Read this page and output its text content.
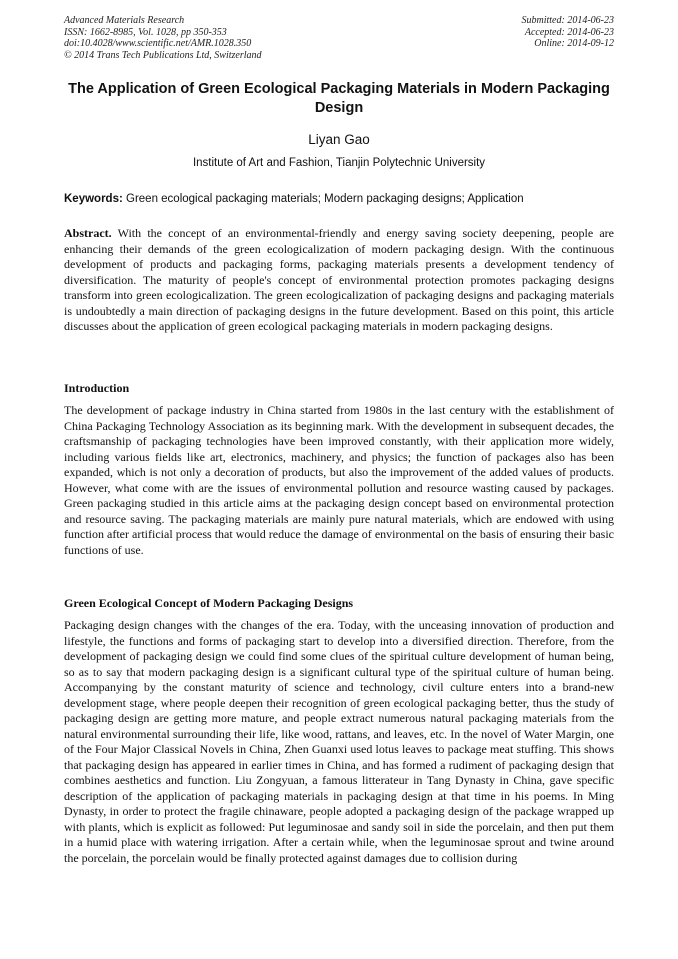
Advanced Materials Research
ISSN: 1662-8985, Vol. 1028, pp 350-353
doi:10.4028/www.scientific.net/AMR.1028.350
© 2014 Trans Tech Publications Ltd, Switzerland
Submitted: 2014-06-23
Accepted: 2014-06-23
Online: 2014-09-12
The Application of Green Ecological Packaging Materials in Modern Packaging Design
Liyan Gao
Institute of Art and Fashion, Tianjin Polytechnic University
Keywords: Green ecological packaging materials; Modern packaging designs; Application
Abstract. With the concept of an environmental-friendly and energy saving society deepening, people are enhancing their demands of the green ecologicalization of modern packaging design. With the continuous development of products and packaging forms, packaging materials presents a development tendency of diversification. The maturity of people's concept of environmental protection promotes packaging designs transform into green ecologicalization. The green ecologicalization of packaging designs and packaging materials is undoubtedly a main direction of packaging designs in the future development. Based on this point, this article discusses about the application of green ecological packaging materials in modern packaging designs.
Introduction
The development of package industry in China started from 1980s in the last century with the establishment of China Packaging Technology Association as its beginning mark. With the development in subsequent decades, the craftsmanship of packaging technologies have been improved constantly, with their application more widely, including various fields like art, electronics, machinery, and physics; the function of packages also has been expanded, which is not only a decoration of products, but also the improvement of the added values of products. However, what come with are the issues of environmental pollution and resource wasting caused by packages. Green packaging studied in this article aims at the packaging design concept based on environmental protection and resource saving. The packaging materials are mainly pure natural materials, which are endowed with using function after artificial process that would reduce the damage of environmental on the basis of ensuring their basic functions of use.
Green Ecological Concept of Modern Packaging Designs
Packaging design changes with the changes of the era. Today, with the unceasing innovation of production and lifestyle, the functions and forms of packaging start to develop into a diversified direction. Therefore, from the development of packaging design we could find some clues of the spiritual culture development of human being, so as to say that modern packaging design is a significant cultural type of the spiritual culture of human being. Accompanying by the constant maturity of science and technology, civil culture enters into a brand-new development stage, where people deepen their recognition of green ecological packaging better, thus the study of packaging design are getting more mature, and people extract numerous natural packaging materials from the natural environmental surrounding their life, like wood, rattans, and leaves, etc. In the novel of Water Margin, one of the Four Major Classical Novels in China, Zhen Guanxi used lotus leaves to package meat stuffing. This shows that packaging design has appeared in earlier times in China, and has formed a rudiment of packaging design that combines aesthetics and function. Liu Zongyuan, a famous litterateur in Tang Dynasty in China, gave specific description of the application of packaging materials in packaging design at that time in his poems. In Ming Dynasty, in order to protect the fragile chinaware, people adopted a packaging design of the package wrapped up with plants, which is explicit as followed: Put leguminosae and sandy soil in side the porcelain, and then put them in a humid place with watering irrigation. After a certain while, when the leguminosae sprout and twine around the porcelain, the porcelain would be finally protected against damages due to collision during
